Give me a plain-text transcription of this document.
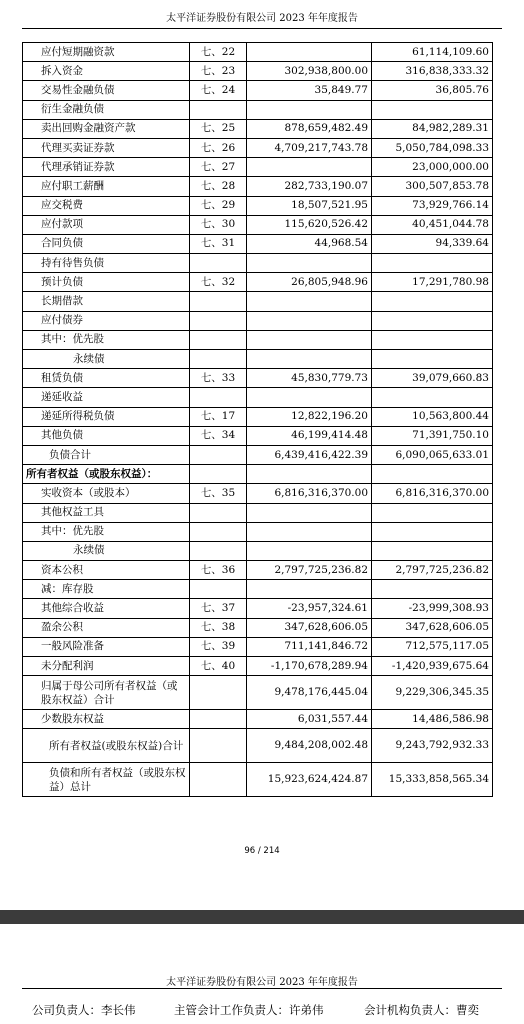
太平洋证券股份有限公司 2023 年年度报告
应付短期融资款	七、22		61,114,109.60
拆入资金	七、23	302,938,800.00	316,838,333.32
交易性金融负债	七、24	35,849.77	36,805.76
衍生金融负债			
卖出回购金融资产款	七、25	878,659,482.49	84,982,289.31
代理买卖证券款	七、26	4,709,217,743.78	5,050,784,098.33
代理承销证券款	七、27		23,000,000.00
应付职工薪酬	七、28	282,733,190.07	300,507,853.78
应交税费	七、29	18,507,521.95	73,929,766.14
应付款项	七、30	115,620,526.42	40,451,044.78
合同负债	七、31	44,968.54	94,339.64
持有待售负债			
预计负债	七、32	26,805,948.96	17,291,780.98
长期借款			
应付债券			
其中：优先股			
永续债			
租赁负债	七、33	45,830,779.73	39,079,660.83
递延收益			
递延所得税负债	七、17	12,822,196.20	10,563,800.44
其他负债	七、34	46,199,414.48	71,391,750.10
负债合计		6,439,416,422.39	6,090,065,633.01
所有者权益（或股东权益）：			
实收资本（或股本）	七、35	6,816,316,370.00	6,816,316,370.00
其他权益工具			
其中：优先股			
永续债			
资本公积	七、36	2,797,725,236.82	2,797,725,236.82
减：库存股			
其他综合收益	七、37	-23,957,324.61	-23,999,308.93
盈余公积	七、38	347,628,606.05	347,628,606.05
一般风险准备	七、39	711,141,846.72	712,575,117.05
未分配利润	七、40	-1,170,678,289.94	-1,420,939,675.64
归属于母公司所有者权益（或股东权益）合计		9,478,176,445.04	9,229,306,345.35
少数股东权益		6,031,557.44	14,486,586.98
所有者权益(或股东权益)合计		9,484,208,002.48	9,243,792,932.33
负债和所有者权益（或股东权益）总计		15,923,624,424.87	15,333,858,565.34
96 / 214
太平洋证券股份有限公司 2023 年年度报告
公司负责人：李长伟	主管会计工作负责人：许弟伟	会计机构负责人：曹奕
